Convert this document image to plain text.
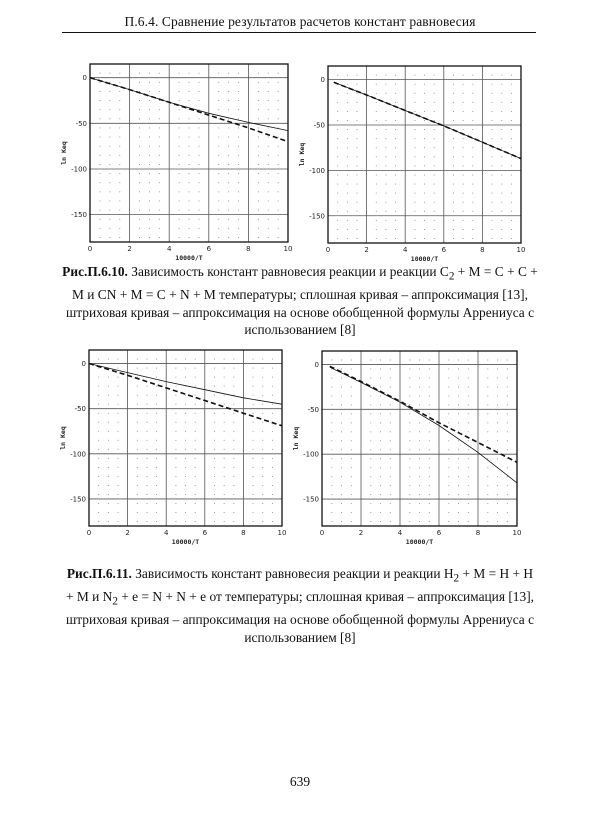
П.6.4. Сравнение результатов расчетов констант равновесия
0	2	4	6	8	10
0
-50
-100
-150
10000/T
ln Keq
0	2	4	6	8	10
0
-50
-100
-150
10000/T
ln Keq
Рис.П.6.10. Зависимость констант равновесия реакции и реакции $C_2 + M = C + C + M$ и CN + M = C + N + M температуры; сплошная кривая – аппроксимация [13], штриховая кривая – аппроксимация на основе обобщенной формулы Аррениуса с использованием [8]
0	2	4	6	8	10
0
-50
-100
-150
10000/T
ln Keq
0	2	4	6	8	10
0
-50
-100
-150
10000/T
ln Keq
Рис.П.6.11. Зависимость констант равновесия реакции и реакции $H_2 + M = H + H + M$ и $N_2 + e = N + N + e$ от температуры; сплошная кривая – аппроксимация [13], штриховая кривая – аппроксимация на основе обобщенной формулы Аррениуса с использованием [8]
639
